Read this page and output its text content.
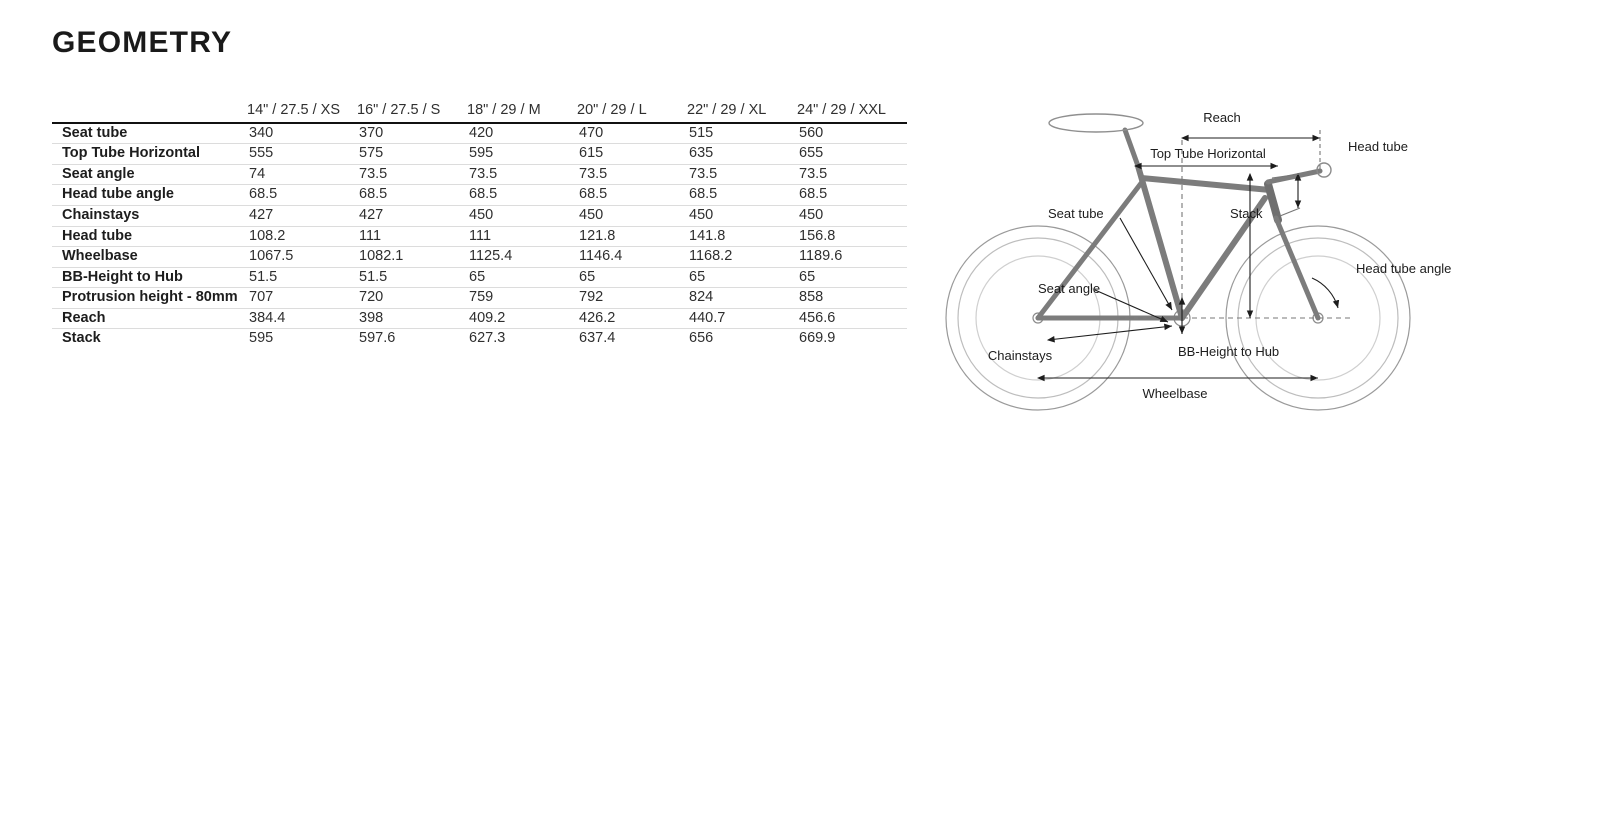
GEOMETRY
	14" / 27.5 / XS	16" / 27.5 / S	18" / 29 / M	20" / 29 / L	22" / 29 / XL	24" / 29 / XXL
Seat tube	340	370	420	470	515	560
Top Tube Horizontal	555	575	595	615	635	655
Seat angle	74	73.5	73.5	73.5	73.5	73.5
Head tube angle	68.5	68.5	68.5	68.5	68.5	68.5
Chainstays	427	427	450	450	450	450
Head tube	108.2	111	111	121.8	141.8	156.8
Wheelbase	1067.5	1082.1	1125.4	1146.4	1168.2	1189.6
BB-Height to Hub	51.5	51.5	65	65	65	65
Protrusion height - 80mm	707	720	759	792	824	858
Reach	384.4	398	409.2	426.2	440.7	456.6
Stack	595	597.6	627.3	637.4	656	669.9
Reach
Top Tube Horizontal	Head tube
Seat tube	Stack
Seat angle
Head tube angle
BB-Height to Hub
Chainstays
Wheelbase
